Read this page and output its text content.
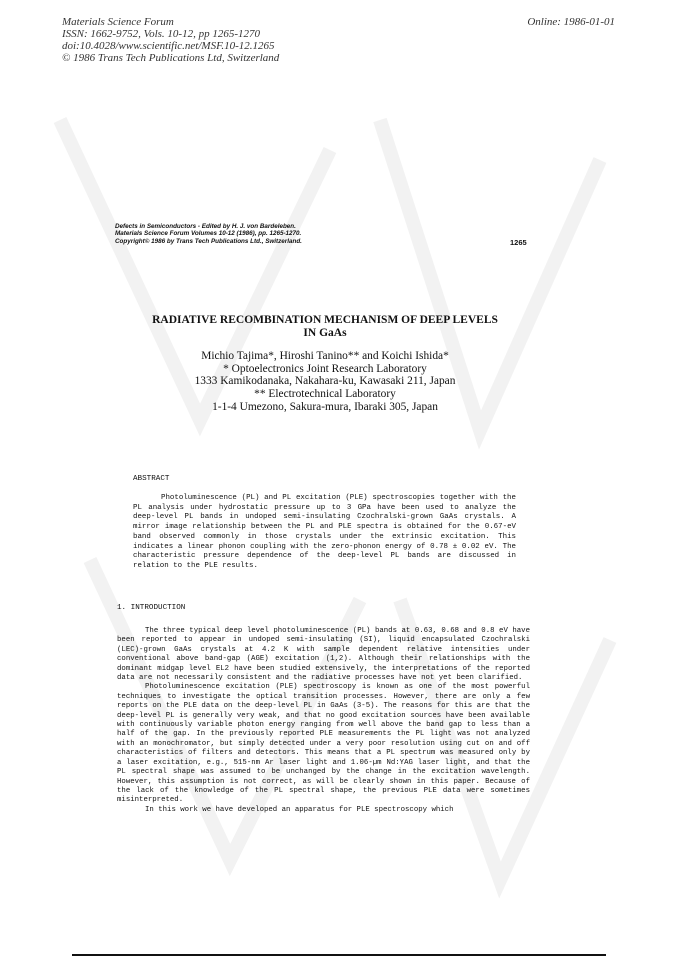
Materials Science Forum
ISSN: 1662-9752, Vols. 10-12, pp 1265-1270
doi:10.4028/www.scientific.net/MSF.10-12.1265
© 1986 Trans Tech Publications Ltd, Switzerland
Online: 1986-01-01
Defects in Semiconductors - Edited by H. J. von Bardeleben.
Materials Science Forum Volumes 10-12 (1986), pp. 1265-1270.
Copyright© 1986 by Trans Tech Publications Ltd., Switzerland.	1265
RADIATIVE RECOMBINATION MECHANISM OF DEEP LEVELS
IN GaAs
Michio Tajima*, Hiroshi Tanino** and Koichi Ishida*
* Optoelectronics Joint Research Laboratory
1333 Kamikodanaka, Nakahara-ku, Kawasaki 211, Japan
** Electrotechnical Laboratory
1-1-4 Umezono, Sakura-mura, Ibaraki 305, Japan
ABSTRACT
Photoluminescence (PL) and PL excitation (PLE) spectroscopies together with the PL analysis under hydrostatic pressure up to 3 GPa have been used to analyze the deep-level PL bands in undoped semi-insulating Czochralski-grown GaAs crystals. A mirror image relationship between the PL and PLE spectra is obtained for the 0.67-eV band observed commonly in those crystals under the extrinsic excitation. This indicates a linear phonon coupling with the zero-phonon energy of 0.78 ± 0.02 eV. The characteristic pressure dependence of the deep-level PL bands are discussed in relation to the PLE results.
1. INTRODUCTION

The three typical deep level photoluminescence (PL) bands at 0.63, 0.68 and 0.8 eV have been reported to appear in undoped semi-insulating (SI), liquid encapsulated Czochralski (LEC)-grown GaAs crystals at 4.2 K with sample dependent relative intensities under conventional above band-gap (AGE) excitation (1,2). Although their relationships with the dominant midgap level EL2 have been studied extensively, the interpretations of the reported data are not necessarily consistent and the radiative processes have not yet been clarified.

Photoluminescence excitation (PLE) spectroscopy is known as one of the most powerful techniques to investigate the optical transition processes. However, there are only a few reports on the PLE data on the deep-level PL in GaAs (3-5). The reasons for this are that the deep-level PL is generally very weak, and that no good excitation sources have been available with continuously variable photon energy ranging from well above the band gap to less than a half of the gap. In the previously reported PLE measurements the PL light was not analyzed with an monochromator, but simply detected under a very poor resolution using cut on and off characteristics of filters and detectors. This means that a PL spectrum was measured only by a laser excitation, e.g., 515-nm Ar laser light and 1.06-µm Nd:YAG laser light, and that the PL spectral shape was assumed to be unchanged by the change in the excitation wavelength. However, this assumption is not correct, as will be clearly shown in this paper. Because of the lack of the knowledge of the PL spectral shape, the previous PLE data were sometimes misinterpreted.

In this work we have developed an apparatus for PLE spectroscopy which
